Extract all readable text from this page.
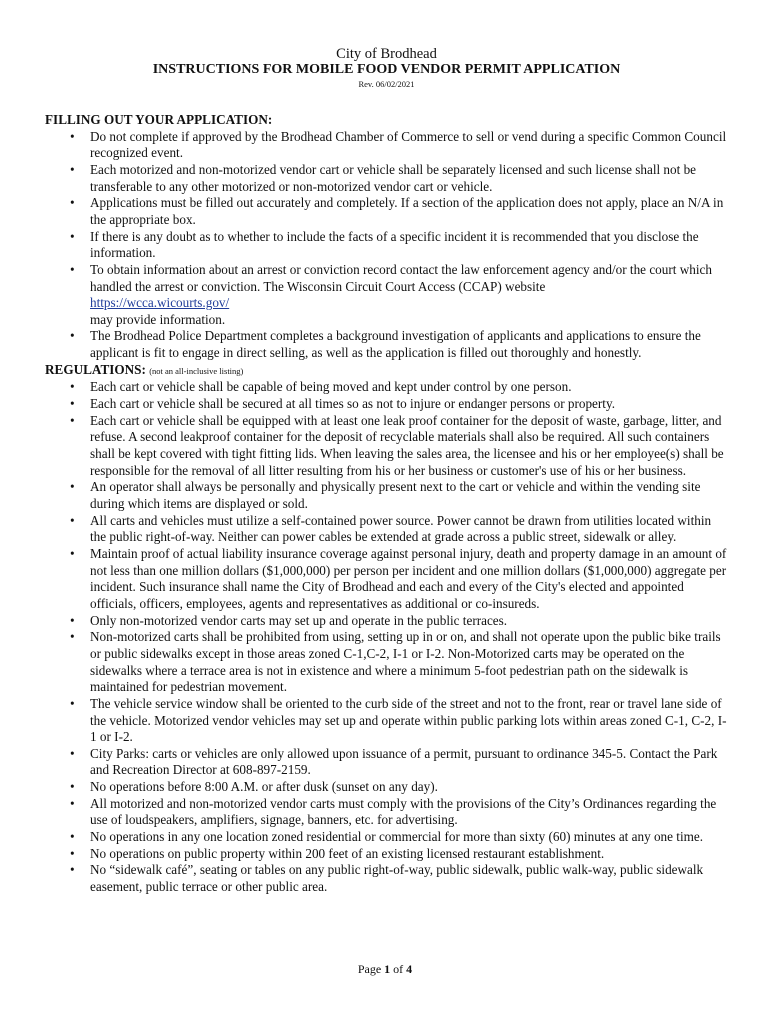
City of Brodhead
INSTRUCTIONS FOR MOBILE FOOD VENDOR PERMIT APPLICATION
Rev. 06/02/2021
FILLING OUT YOUR APPLICATION:
• Do not complete if approved by the Brodhead Chamber of Commerce to sell or vend during a specific Common Council recognized event.
• Each motorized and non-motorized vendor cart or vehicle shall be separately licensed and such license shall not be transferable to any other motorized or non-motorized vendor cart or vehicle.
• Applications must be filled out accurately and completely. If a section of the application does not apply, place an N/A in the appropriate box.
• If there is any doubt as to whether to include the facts of a specific incident it is recommended that you disclose the information.
• To obtain information about an arrest or conviction record contact the law enforcement agency and/or the court which handled the arrest or conviction. The Wisconsin Circuit Court Access (CCAP) website
https://wcca.wicourts.gov/
may provide information.
• The Brodhead Police Department completes a background investigation of applicants and applications to ensure the applicant is fit to engage in direct selling, as well as the application is filled out thoroughly and honestly.
REGULATIONS: (not an all-inclusive listing)
• Each cart or vehicle shall be capable of being moved and kept under control by one person.
• Each cart or vehicle shall be secured at all times so as not to injure or endanger persons or property.
• Each cart or vehicle shall be equipped with at least one leak proof container for the deposit of waste, garbage, litter, and refuse. A second leakproof container for the deposit of recyclable materials shall also be required. All such containers shall be kept covered with tight fitting lids. When leaving the sales area, the licensee and his or her employee(s) shall be responsible for the removal of all litter resulting from his or her business or customer's use of his or her business.
• An operator shall always be personally and physically present next to the cart or vehicle and within the vending site during which items are displayed or sold.
• All carts and vehicles must utilize a self-contained power source. Power cannot be drawn from utilities located within the public right-of-way. Neither can power cables be extended at grade across a public street, sidewalk or alley.
• Maintain proof of actual liability insurance coverage against personal injury, death and property damage in an amount of not less than one million dollars ($1,000,000) per person per incident and one million dollars ($1,000,000) aggregate per incident. Such insurance shall name the City of Brodhead and each and every of the City's elected and appointed officials, officers, employees, agents and representatives as additional or co-insureds.
• Only non-motorized vendor carts may set up and operate in the public terraces.
• Non-motorized carts shall be prohibited from using, setting up in or on, and shall not operate upon the public bike trails or public sidewalks except in those areas zoned C-1,C-2, I-1 or I-2. Non-Motorized carts may be operated on the sidewalks where a terrace area is not in existence and where a minimum 5-foot pedestrian path on the sidewalk is maintained for pedestrian movement.
• The vehicle service window shall be oriented to the curb side of the street and not to the front, rear or travel lane side of the vehicle. Motorized vendor vehicles may set up and operate within public parking lots within areas zoned C-1, C-2, I-1 or I-2.
• City Parks: carts or vehicles are only allowed upon issuance of a permit, pursuant to ordinance 345-5. Contact the Park and Recreation Director at 608-897-2159.
• No operations before 8:00 A.M. or after dusk (sunset on any day).
• All motorized and non-motorized vendor carts must comply with the provisions of the City’s Ordinances regarding the use of loudspeakers, amplifiers, signage, banners, etc. for advertising.
• No operations in any one location zoned residential or commercial for more than sixty (60) minutes at any one time.
• No operations on public property within 200 feet of an existing licensed restaurant establishment.
• No “sidewalk café”, seating or tables on any public right-of-way, public sidewalk, public walk-way, public sidewalk easement, public terrace or other public area.
Page 1 of 4
